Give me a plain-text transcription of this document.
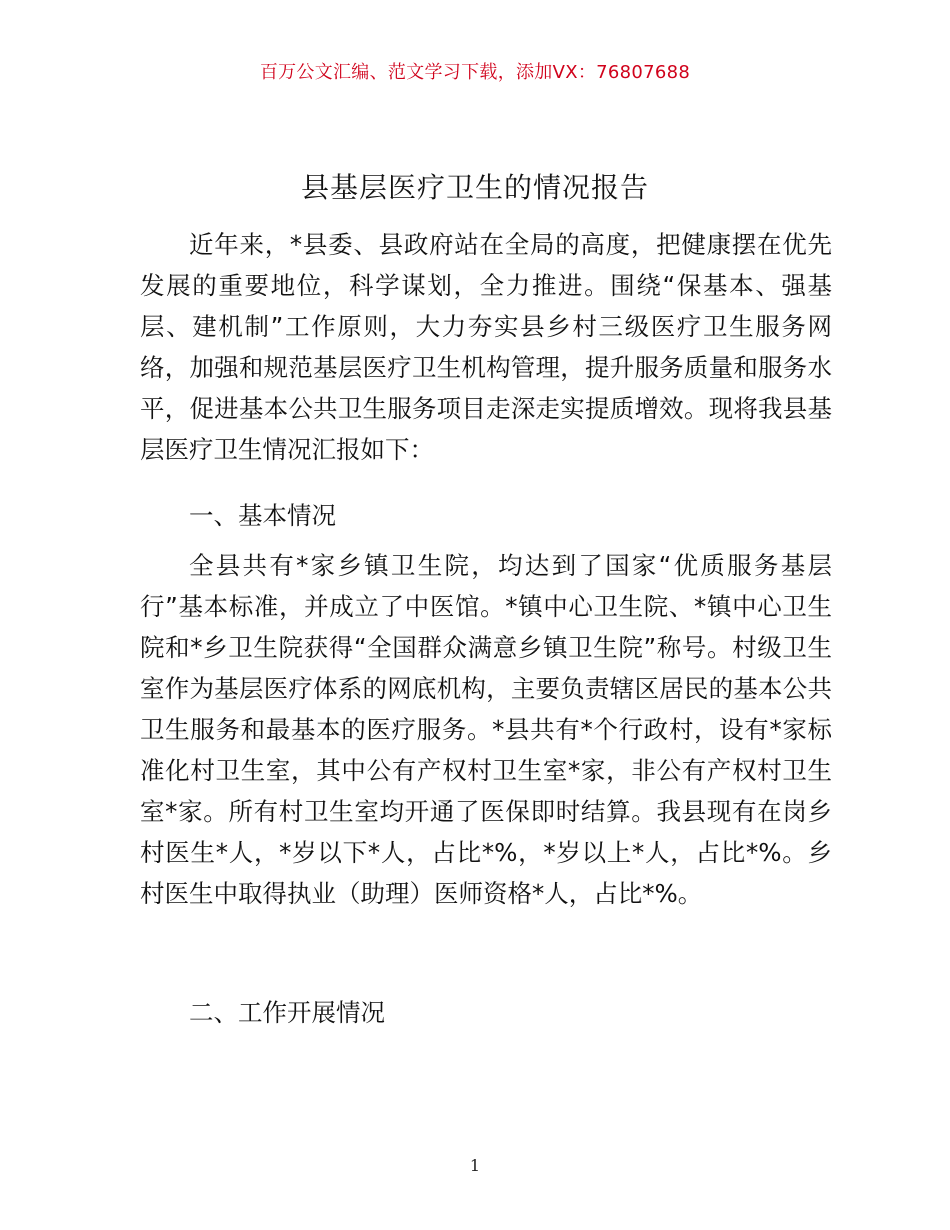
百万公文汇编、范文学习下载，添加VX：76807688
县基层医疗卫生的情况报告

近年来，*县委、县政府站在全局的高度，把健康摆在优先发展的重要地位，科学谋划，全力推进。围绕“保基本、强基层、建机制”工作原则，大力夯实县乡村三级医疗卫生服务网络，加强和规范基层医疗卫生机构管理，提升服务质量和服务水平，促进基本公共卫生服务项目走深走实提质增效。现将我县基层医疗卫生情况汇报如下：

一、基本情况

全县共有*家乡镇卫生院，均达到了国家“优质服务基层行”基本标准，并成立了中医馆。*镇中心卫生院、*镇中心卫生院和*乡卫生院获得“全国群众满意乡镇卫生院”称号。村级卫生室作为基层医疗体系的网底机构，主要负责辖区居民的基本公共卫生服务和最基本的医疗服务。*县共有*个行政村，设有*家标准化村卫生室，其中公有产权村卫生室*家，非公有产权村卫生室*家。所有村卫生室均开通了医保即时结算。我县现有在岗乡村医生*人，*岁以下*人，占比*%，*岁以上*人，占比*%。乡村医生中取得执业（助理）医师资格*人，占比*%。

二、工作开展情况

1
